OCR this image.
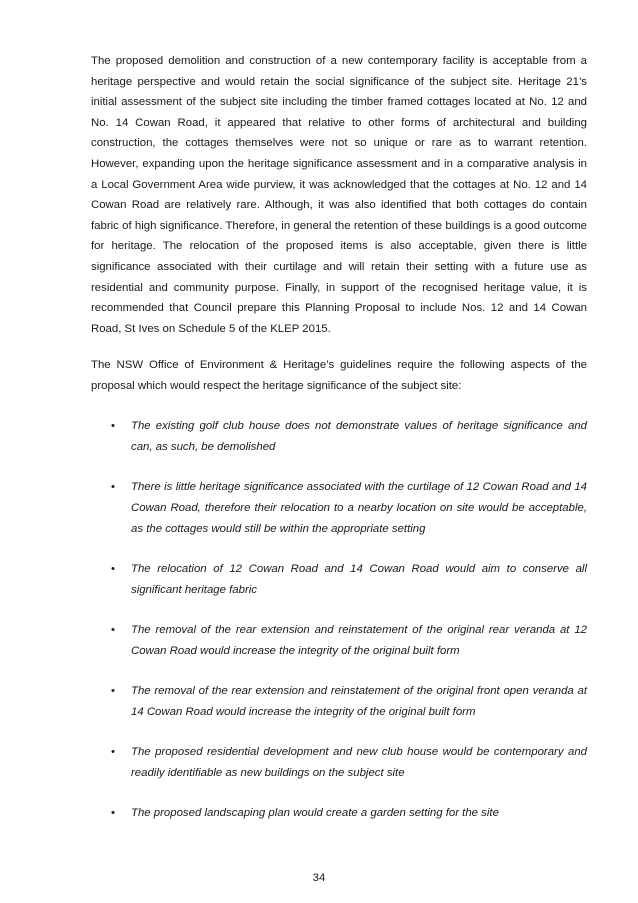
The proposed demolition and construction of a new contemporary facility is acceptable from a heritage perspective and would retain the social significance of the subject site. Heritage 21’s initial assessment of the subject site including the timber framed cottages located at No. 12 and No. 14 Cowan Road, it appeared that relative to other forms of architectural and building construction, the cottages themselves were not so unique or rare as to warrant retention. However, expanding upon the heritage significance assessment and in a comparative analysis in a Local Government Area wide purview, it was acknowledged that the cottages at No. 12 and 14 Cowan Road are relatively rare. Although, it was also identified that both cottages do contain fabric of high significance. Therefore, in general the retention of these buildings is a good outcome for heritage. The relocation of the proposed items is also acceptable, given there is little significance associated with their curtilage and will retain their setting with a future use as residential and community purpose. Finally, in support of the recognised heritage value, it is recommended that Council prepare this Planning Proposal to include Nos. 12 and 14 Cowan Road, St Ives on Schedule 5 of the KLEP 2015.

The NSW Office of Environment & Heritage’s guidelines require the following aspects of the proposal which would respect the heritage significance of the subject site:

• The existing golf club house does not demonstrate values of heritage significance and can, as such, be demolished
• There is little heritage significance associated with the curtilage of 12 Cowan Road and 14 Cowan Road, therefore their relocation to a nearby location on site would be acceptable, as the cottages would still be within the appropriate setting
• The relocation of 12 Cowan Road and 14 Cowan Road would aim to conserve all significant heritage fabric
• The removal of the rear extension and reinstatement of the original rear veranda at 12 Cowan Road would increase the integrity of the original built form
• The removal of the rear extension and reinstatement of the original front open veranda at 14 Cowan Road would increase the integrity of the original built form
• The proposed residential development and new club house would be contemporary and readily identifiable as new buildings on the subject site
• The proposed landscaping plan would create a garden setting for the site
34
